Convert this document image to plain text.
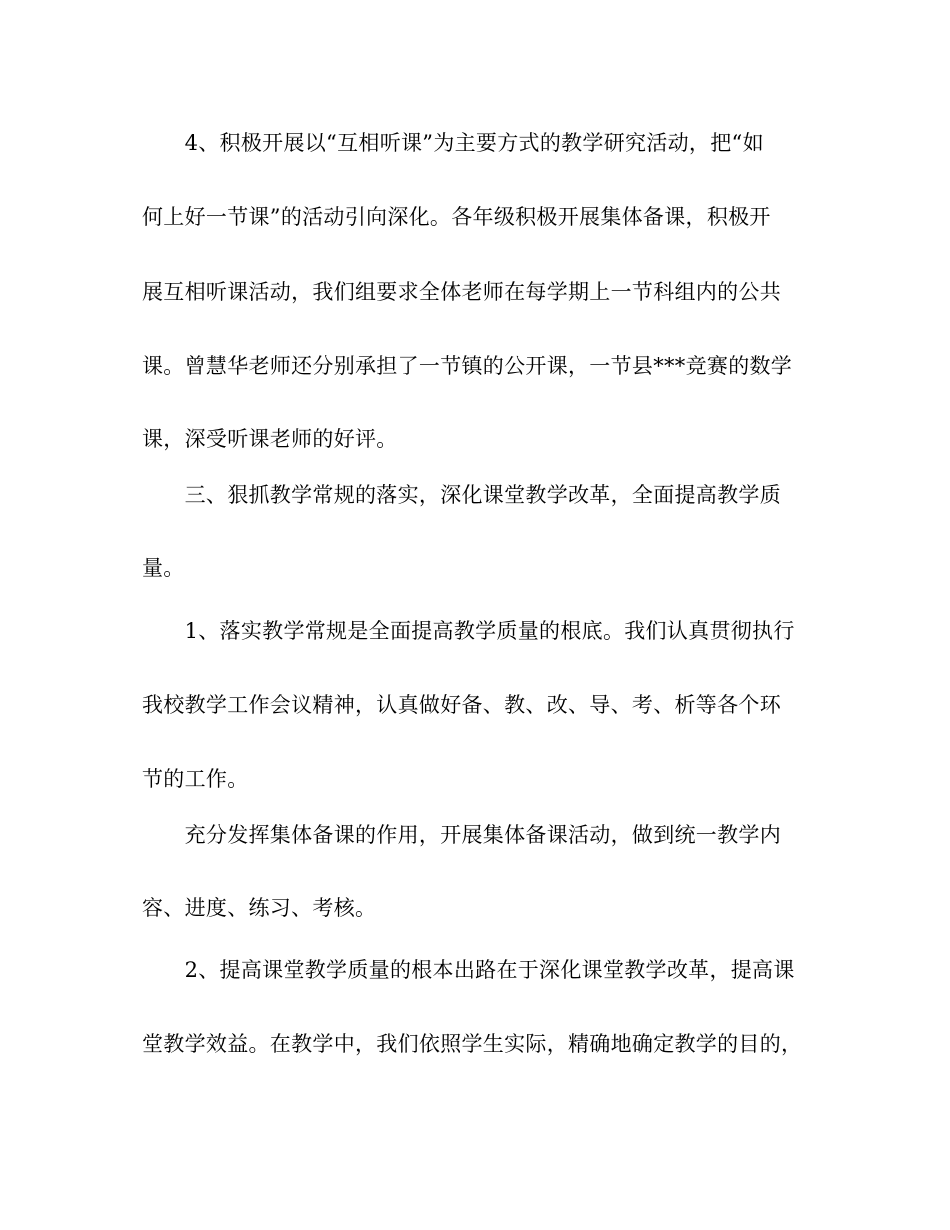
　　4、积极开展以“互相听课”为主要方式的教学研究活动，把“如
何上好一节课”的活动引向深化。各年级积极开展集体备课，积极开
展互相听课活动，我们组要求全体老师在每学期上一节科组内的公共
课。曾慧华老师还分别承担了一节镇的公开课，一节县***竞赛的数学
课，深受听课老师的好评。
　　三、狠抓教学常规的落实，深化课堂教学改革，全面提高教学质
量。
　　1、落实教学常规是全面提高教学质量的根底。我们认真贯彻执行
我校教学工作会议精神，认真做好备、教、改、导、考、析等各个环
节的工作。
　　充分发挥集体备课的作用，开展集体备课活动，做到统一教学内
容、进度、练习、考核。
　　2、提高课堂教学质量的根本出路在于深化课堂教学改革，提高课
堂教学效益。在教学中，我们依照学生实际，精确地确定教学的目的，
